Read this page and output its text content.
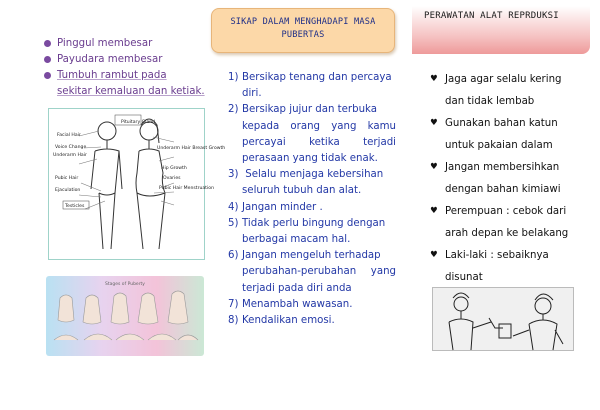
Pinggul membesar
Payudara membesar
Tumbuh rambut pada
sekitar kemaluan dan ketiak.
Facial Hair
Voice Change
Underarm Hair
Pubic Hair
Ejaculation
Pituitary Gland
Underarm Hair Breast Growth
Hip Growth
Ovaries
Pubic Hair Menstruation
Testicles
Stages of Puberty
SIKAP DALAM MENGHADAPI MASA
PUBERTAS
1) Bersikap tenang dan percaya
diri.
2) Bersikap jujur dan terbuka
kepada orang yang kamu percayai ketika terjadi perasaan yang tidak enak.
3) Selalu menjaga kebersihan
seluruh tubuh dan alat.
4) Jangan minder .
5) Tidak perlu bingung dengan
berbagai macam hal.
6) Jangan mengeluh terhadap
perubahan-perubahan yang terjadi pada diri anda
7) Menambah wawasan.
8) Kendalikan emosi.
PERAWATAN ALAT REPRDUKSI
♥ Jaga agar selalu kering
dan tidak lembab
♥ Gunakan bahan katun
untuk pakaian dalam
♥ Jangan membersihkan
dengan bahan kimiawi
♥ Perempuan : cebok dari
arah depan ke belakang
♥ Laki-laki : sebaiknya
disunat
